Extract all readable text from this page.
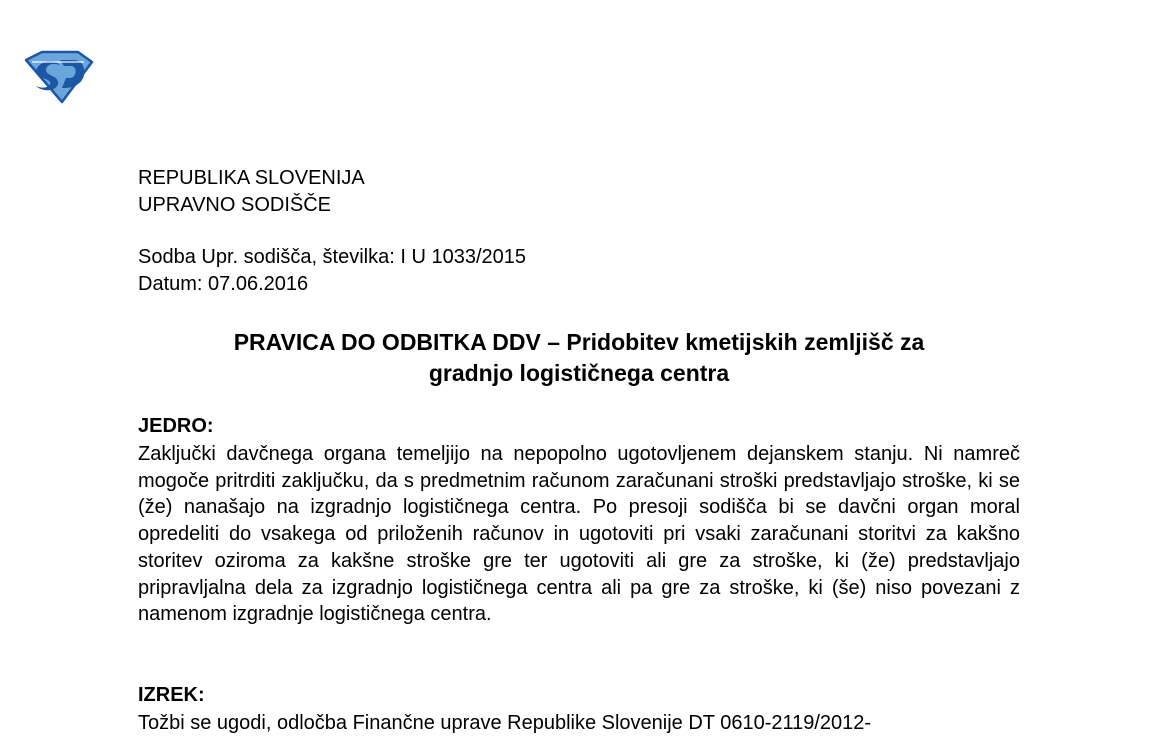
REPUBLIKA SLOVENIJA
UPRAVNO SODIŠČE
Sodba Upr. sodišča, številka: I U 1033/2015
Datum: 07.06.2016
PRAVICA DO ODBITKA DDV – Pridobitev kmetijskih zemljišč za
gradnjo logističnega centra
JEDRO:
Zaključki davčnega organa temeljijo na nepopolno ugotovljenem dejanskem stanju. Ni namreč mogoče pritrditi zaključku, da s predmetnim računom zaračunani stroški predstavljajo stroške, ki se (že) nanašajo na izgradnjo logističnega centra. Po presoji sodišča bi se davčni organ moral opredeliti do vsakega od priloženih računov in ugotoviti pri vsaki zaračunani storitvi za kakšno storitev oziroma za kakšne stroške gre ter ugotoviti ali gre za stroške, ki (že) predstavljajo pripravljalna dela za izgradnjo logističnega centra ali pa gre za stroške, ki (še) niso povezani z namenom izgradnje logističnega centra.
IZREK:
Tožbi se ugodi, odločba Finančne uprave Republike Slovenije DT 0610-2119/2012-
